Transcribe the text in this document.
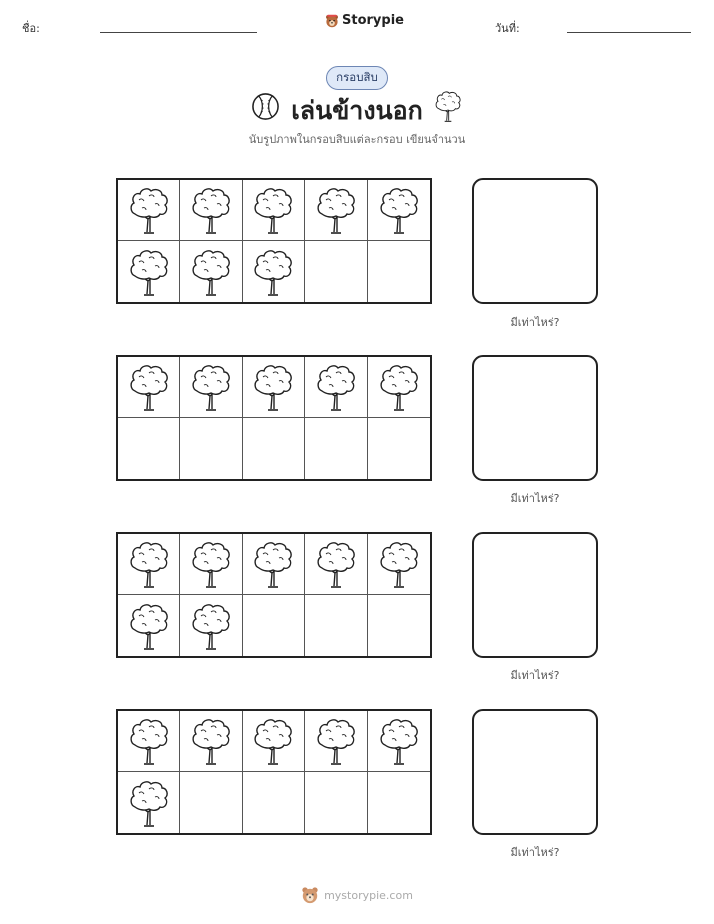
ชื่อ:
Storypie
วันที่:
กรอบสิบ
เล่นข้างนอก
นับรูปภาพในกรอบสิบแต่ละกรอบ เขียนจำนวน
มีเท่าไหร่?
มีเท่าไหร่?
มีเท่าไหร่?
มีเท่าไหร่?
mystorypie.com
